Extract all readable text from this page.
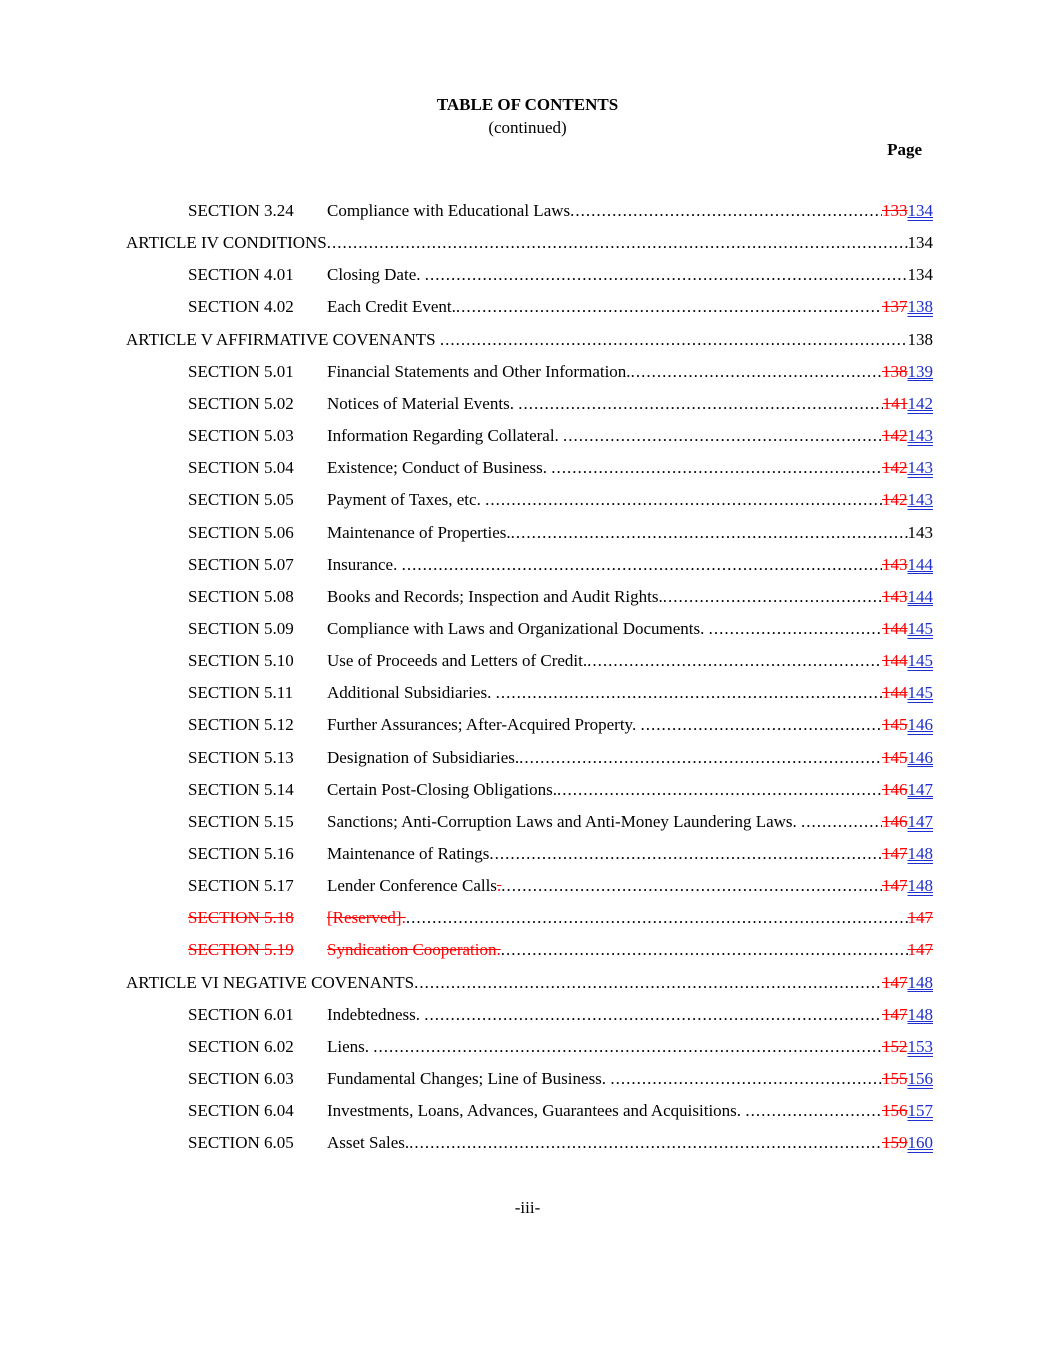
TABLE OF CONTENTS
(continued)
Page
SECTION 3.24 Compliance with Educational Laws .....	133134
ARTICLE IV CONDITIONS .....	134
SECTION 4.01 Closing Date. .....	134
SECTION 4.02 Each Credit Event. .....	137138
ARTICLE V AFFIRMATIVE COVENANTS .....	138
SECTION 5.01 Financial Statements and Other Information. .....	138139
SECTION 5.02 Notices of Material Events. .....	141142
SECTION 5.03 Information Regarding Collateral. .....	142143
SECTION 5.04 Existence; Conduct of Business. .....	142143
SECTION 5.05 Payment of Taxes, etc. .....	142143
SECTION 5.06 Maintenance of Properties. .....	143
SECTION 5.07 Insurance. .....	143144
SECTION 5.08 Books and Records; Inspection and Audit Rights. .....	143144
SECTION 5.09 Compliance with Laws and Organizational Documents. .....	144145
SECTION 5.10 Use of Proceeds and Letters of Credit. .....	144145
SECTION 5.11 Additional Subsidiaries. .....	144145
SECTION 5.12 Further Assurances; After-Acquired Property. .....	145146
SECTION 5.13 Designation of Subsidiaries. .....	145146
SECTION 5.14 Certain Post-Closing Obligations. .....	146147
SECTION 5.15 Sanctions; Anti-Corruption Laws and Anti-Money Laundering Laws. .....	146147
SECTION 5.16 Maintenance of Ratings .....	147148
SECTION 5.17 Lender Conference Calls . .....	147148
SECTION 5.18 [Reserved]. .....	147
SECTION 5.19 Syndication Cooperation. .....	147
ARTICLE VI NEGATIVE COVENANTS .....	147148
SECTION 6.01 Indebtedness. .....	147148
SECTION 6.02 Liens. .....	152153
SECTION 6.03 Fundamental Changes; Line of Business. .....	155156
SECTION 6.04 Investments, Loans, Advances, Guarantees and Acquisitions. .....	156157
SECTION 6.05 Asset Sales. .....	159160
-iii-
